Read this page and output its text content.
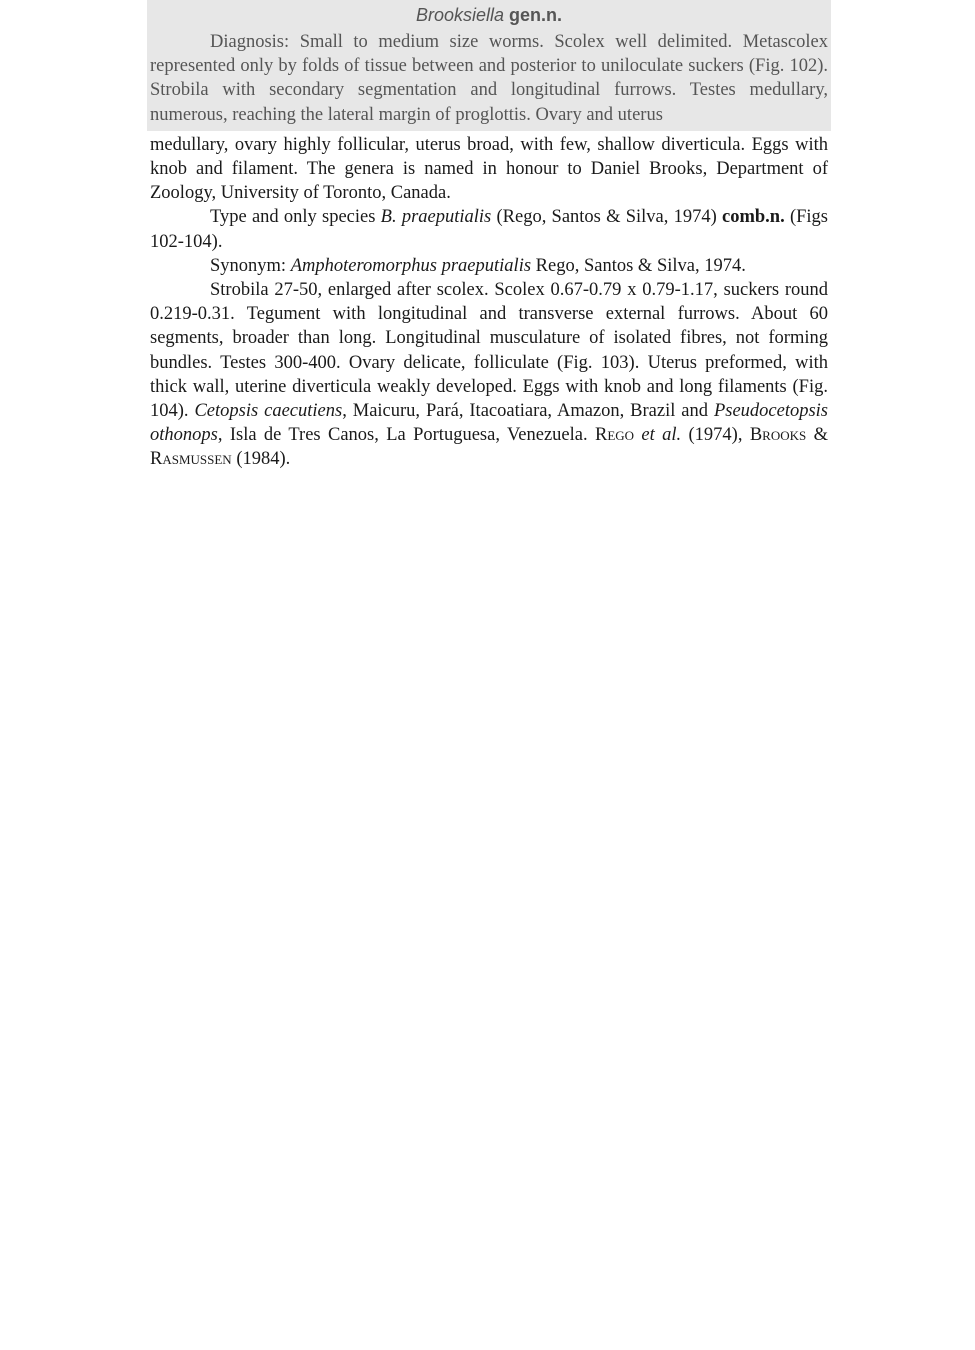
Brooksiella gen.n.

Diagnosis: Small to medium size worms. Scolex well delimited. Metascolex represented only by folds of tissue between and posterior to uniloculate suckers (Fig. 102). Strobila with secondary segmentation and longitudinal furrows. Testes medullary, numerous, reaching the lateral margin of proglottis. Ovary and uterus

medullary, ovary highly follicular, uterus broad, with few, shallow diverticula. Eggs with knob and filament. The genera is named in honour to Daniel Brooks, Department of Zoology, University of Toronto, Canada.

Type and only species B. praeputialis (Rego, Santos & Silva, 1974) comb.n. (Figs 102-104).

Synonym: Amphoteromorphus praeputialis Rego, Santos & Silva, 1974.

Strobila 27-50, enlarged after scolex. Scolex 0.67-0.79 x 0.79-1.17, suckers round 0.219-0.31. Tegument with longitudinal and transverse external furrows. About 60 segments, broader than long. Longitudinal musculature of isolated fibres, not forming bundles. Testes 300-400. Ovary delicate, folliculate (Fig. 103). Uterus preformed, with thick wall, uterine diverticula weakly developed. Eggs with knob and long filaments (Fig. 104). Cetopsis caecutiens, Maicuru, Pará, Itacoatiara, Amazon, Brazil and Pseudocetopsis othonops, Isla de Tres Canos, La Portuguesa, Venezuela. Rego et al. (1974), Brooks & Rasmussen (1984).
